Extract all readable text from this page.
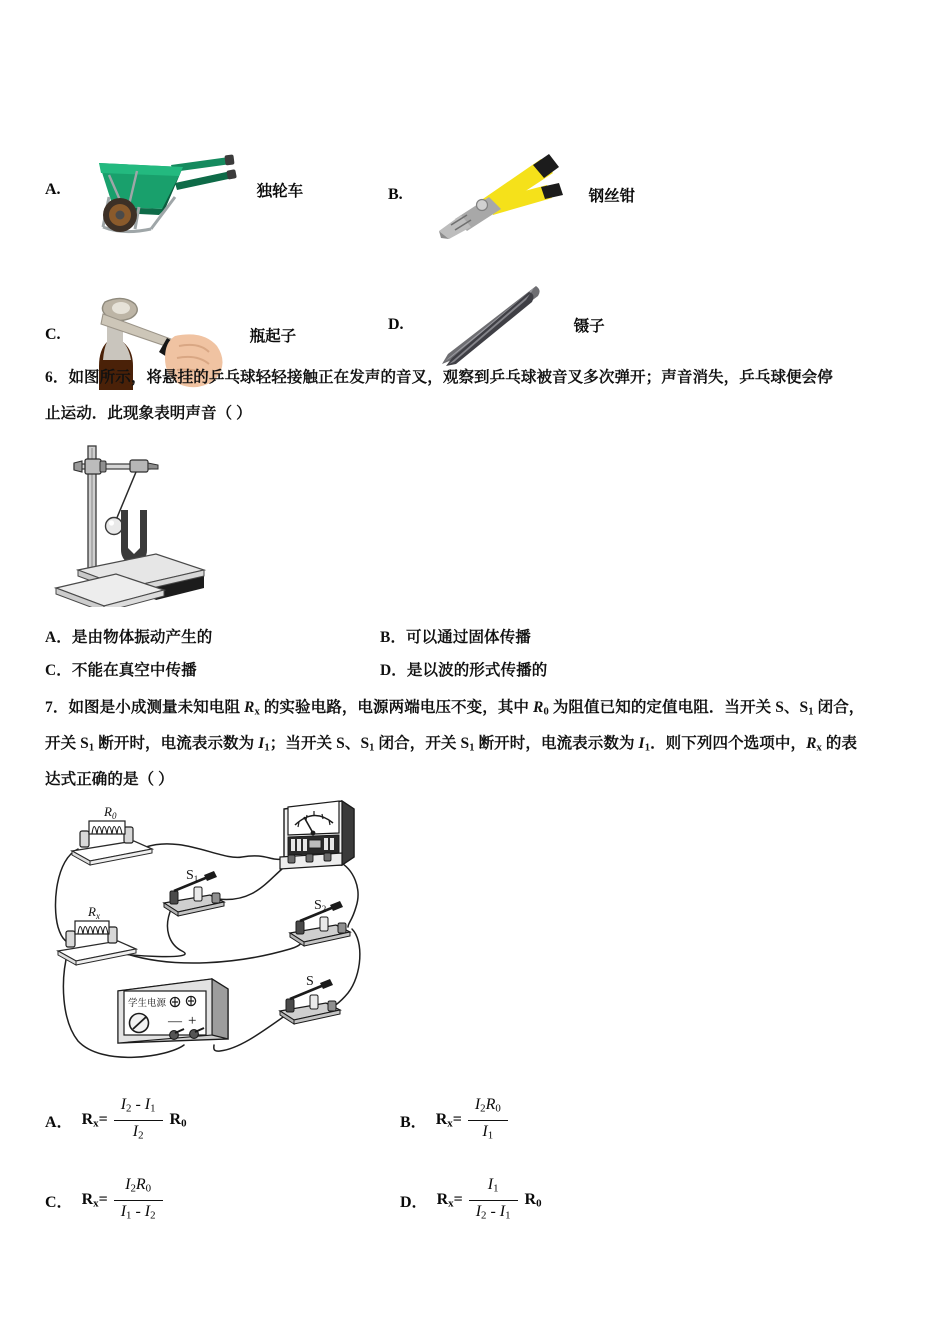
A.	独轮车	B.	钢丝钳
C.	瓶起子
D.	镊子
6．如图所示，将悬挂的乒乓球轻轻接触正在发声的音叉，观察到乒乓球被音叉多次弹开；声音消失，乒乓球便会停
止运动．此现象表明声音（ ）
A．是由物体振动产生的	B．可以通过固体传播
C．不能在真空中传播	D．是以波的形式传播的
7．如图是小成测量未知电阻 $R_x$ 的实验电路，电源两端电压不变，其中 $R_0$ 为阻值已知的定值电阻．当开关 S、$S_1$ 闭合，
开关 $S_1$ 断开时，电流表示数为 $I_1$；当开关 S、$S_1$ 闭合，开关 $S_1$ 断开时，电流表示数为 $I_1$．则下列四个选项中，$R_x$ 的表
达式正确的是（ ）
$R_0$
$R_x$
$S_1$
$S_2$
S
学生电源
— +
A． $R_x= \frac{I_2 - I_1}{I_2} R_0$	B． $R_x= \frac{I_2R_0}{I_1}$
C． $R_x= \frac{I_2R_0}{I_1 - I_2}$	D． $R_x= \frac{I_1}{I_2 - I_1} R_0$
